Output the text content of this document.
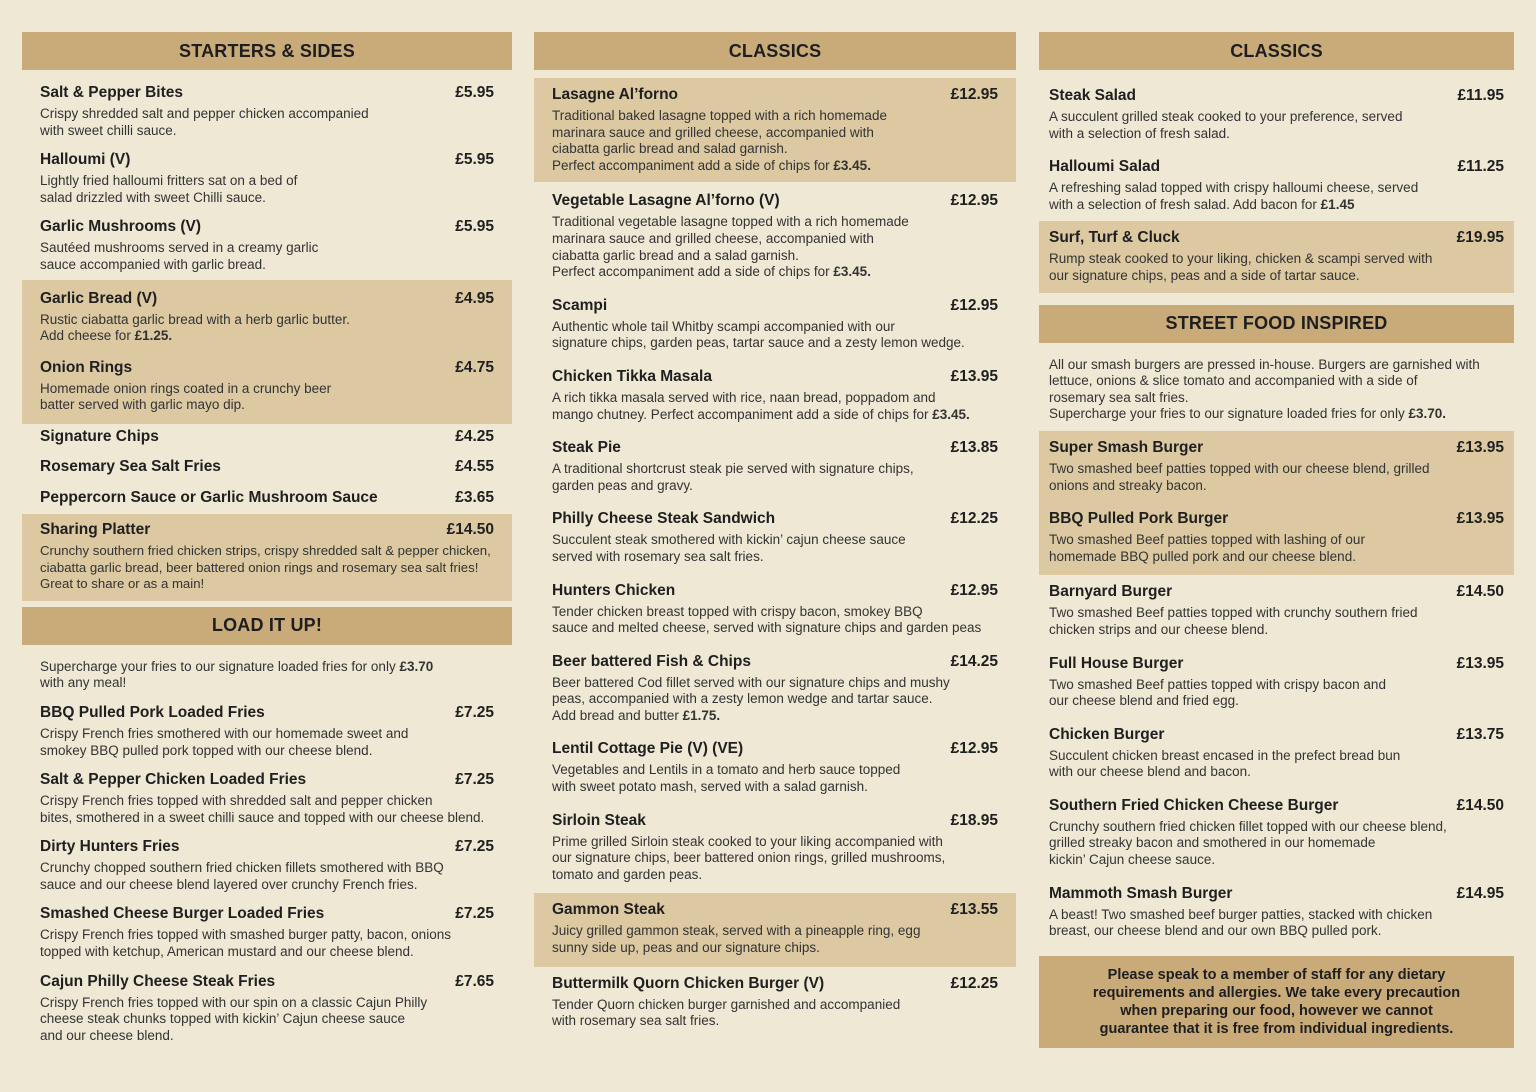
STARTERS & SIDES
Salt & Pepper Bites	£5.95
Crispy shredded salt and pepper chicken accompanied
with sweet chilli sauce.
Halloumi (V)	£5.95
Lightly fried halloumi fritters sat on a bed of
salad drizzled with sweet Chilli sauce.
Garlic Mushrooms (V)	£5.95
Sautéed mushrooms served in a creamy garlic
sauce accompanied with garlic bread.
Garlic Bread (V)	£4.95
Rustic ciabatta garlic bread with a herb garlic butter.
Add cheese for £1.25.
Onion Rings	£4.75
Homemade onion rings coated in a crunchy beer
batter served with garlic mayo dip.
Signature Chips	£4.25
Rosemary Sea Salt Fries	£4.55
Peppercorn Sauce or Garlic Mushroom Sauce	£3.65
Sharing Platter	£14.50
Crunchy southern fried chicken strips, crispy shredded salt & pepper chicken,
ciabatta garlic bread, beer battered onion rings and rosemary sea salt fries!
Great to share or as a main!
LOAD IT UP!
Supercharge your fries to our signature loaded fries for only £3.70
with any meal!
BBQ Pulled Pork Loaded Fries	£7.25
Crispy French fries smothered with our homemade sweet and
smokey BBQ pulled pork topped with our cheese blend.
Salt & Pepper Chicken Loaded Fries	£7.25
Crispy French fries topped with shredded salt and pepper chicken
bites, smothered in a sweet chilli sauce and topped with our cheese blend.
Dirty Hunters Fries	£7.25
Crunchy chopped southern fried chicken fillets smothered with BBQ
sauce and our cheese blend layered over crunchy French fries.
Smashed Cheese Burger Loaded Fries	£7.25
Crispy French fries topped with smashed burger patty, bacon, onions
topped with ketchup, American mustard and our cheese blend.
Cajun Philly Cheese Steak Fries	£7.65
Crispy French fries topped with our spin on a classic Cajun Philly
cheese steak chunks topped with kickin’ Cajun cheese sauce
and our cheese blend.
CLASSICS
Lasagne Al’forno	£12.95
Traditional baked lasagne topped with a rich homemade
marinara sauce and grilled cheese, accompanied with
ciabatta garlic bread and salad garnish.
Perfect accompaniment add a side of chips for £3.45.
Vegetable Lasagne Al’forno (V)	£12.95
Traditional vegetable lasagne topped with a rich homemade
marinara sauce and grilled cheese, accompanied with
ciabatta garlic bread and a salad garnish.
Perfect accompaniment add a side of chips for £3.45.
Scampi	£12.95
Authentic whole tail Whitby scampi accompanied with our
signature chips, garden peas, tartar sauce and a zesty lemon wedge.
Chicken Tikka Masala	£13.95
A rich tikka masala served with rice, naan bread, poppadom and
mango chutney. Perfect accompaniment add a side of chips for £3.45.
Steak Pie	£13.85
A traditional shortcrust steak pie served with signature chips,
garden peas and gravy.
Philly Cheese Steak Sandwich	£12.25
Succulent steak smothered with kickin’ cajun cheese sauce
served with rosemary sea salt fries.
Hunters Chicken	£12.95
Tender chicken breast topped with crispy bacon, smokey BBQ
sauce and melted cheese, served with signature chips and garden peas
Beer battered Fish & Chips	£14.25
Beer battered Cod fillet served with our signature chips and mushy
peas, accompanied with a zesty lemon wedge and tartar sauce.
Add bread and butter £1.75.
Lentil Cottage Pie (V) (VE)	£12.95
Vegetables and Lentils in a tomato and herb sauce topped
with sweet potato mash, served with a salad garnish.
Sirloin Steak	£18.95
Prime grilled Sirloin steak cooked to your liking accompanied with
our signature chips, beer battered onion rings, grilled mushrooms,
tomato and garden peas.
Gammon Steak	£13.55
Juicy grilled gammon steak, served with a pineapple ring, egg
sunny side up, peas and our signature chips.
Buttermilk Quorn Chicken Burger (V)	£12.25
Tender Quorn chicken burger garnished and accompanied
with rosemary sea salt fries.
CLASSICS
Steak Salad	£11.95
A succulent grilled steak cooked to your preference, served
with a selection of fresh salad.
Halloumi Salad	£11.25
A refreshing salad topped with crispy halloumi cheese, served
with a selection of fresh salad. Add bacon for £1.45
Surf, Turf & Cluck	£19.95
Rump steak cooked to your liking, chicken & scampi served with
our signature chips, peas and a side of tartar sauce.
STREET FOOD INSPIRED
All our smash burgers are pressed in-house. Burgers are garnished with
lettuce, onions & slice tomato and accompanied with a side of
rosemary sea salt fries.
Supercharge your fries to our signature loaded fries for only £3.70.
Super Smash Burger	£13.95
Two smashed beef patties topped with our cheese blend, grilled
onions and streaky bacon.
BBQ Pulled Pork Burger	£13.95
Two smashed Beef patties topped with lashing of our
homemade BBQ pulled pork and our cheese blend.
Barnyard Burger	£14.50
Two smashed Beef patties topped with crunchy southern fried
chicken strips and our cheese blend.
Full House Burger	£13.95
Two smashed Beef patties topped with crispy bacon and
our cheese blend and fried egg.
Chicken Burger	£13.75
Succulent chicken breast encased in the prefect bread bun
with our cheese blend and bacon.
Southern Fried Chicken Cheese Burger	£14.50
Crunchy southern fried chicken fillet topped with our cheese blend,
grilled streaky bacon and smothered in our homemade
kickin’ Cajun cheese sauce.
Mammoth Smash Burger	£14.95
A beast! Two smashed beef burger patties, stacked with chicken
breast, our cheese blend and our own BBQ pulled pork.
Please speak to a member of staff for any dietary
requirements and allergies. We take every precaution
when preparing our food, however we cannot
guarantee that it is free from individual ingredients.
